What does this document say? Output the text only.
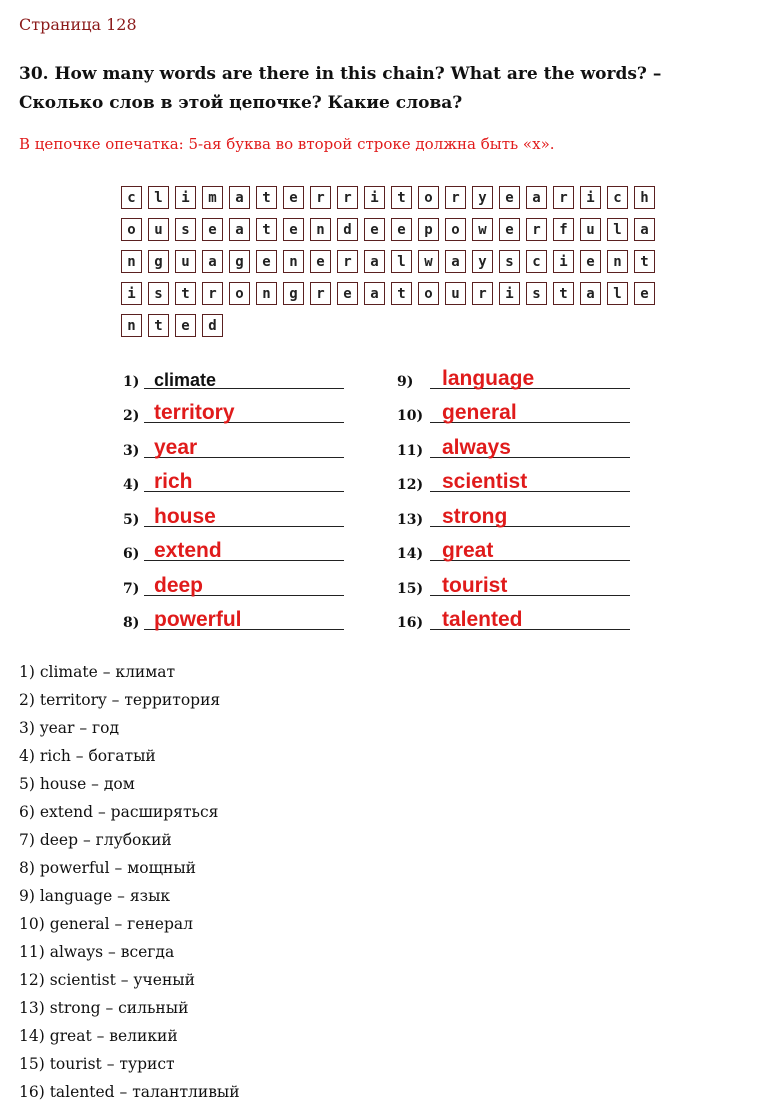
Страница 128
30. How many words are there in this chain? What are the words? – Сколько слов в этой цепочке? Какие слова?
В цепочке опечатка: 5-ая буква во второй строке должна быть «x».
c	l	i	m	a	t	e	r	r	i	t	o	r	y	e	a	r	i	c	h
o	u	s	e	a	t	e	n	d	e	e	p	o	w	e	r	f	u	l	a
n	g	u	a	g	e	n	e	r	a	l	w	a	y	s	c	i	e	n	t
i	s	t	r	o	n	g	r	e	a	t	o	u	r	i	s	t	a	l	e
n	t	e	d
1) climate
2) territory
3) year
4) rich
5) house
6) extend
7) deep
8) powerful
9) language
10) general
11) always
12) scientist
13) strong
14) great
15) tourist
16) talented
1) climate – климат
2) territory – территория
3) year – год
4) rich – богатый
5) house – дом
6) extend – расширяться
7) deep – глубокий
8) powerful – мощный
9) language – язык
10) general – генерал
11) always – всегда
12) scientist – ученый
13) strong – сильный
14) great – великий
15) tourist – турист
16) talented – талантливый
